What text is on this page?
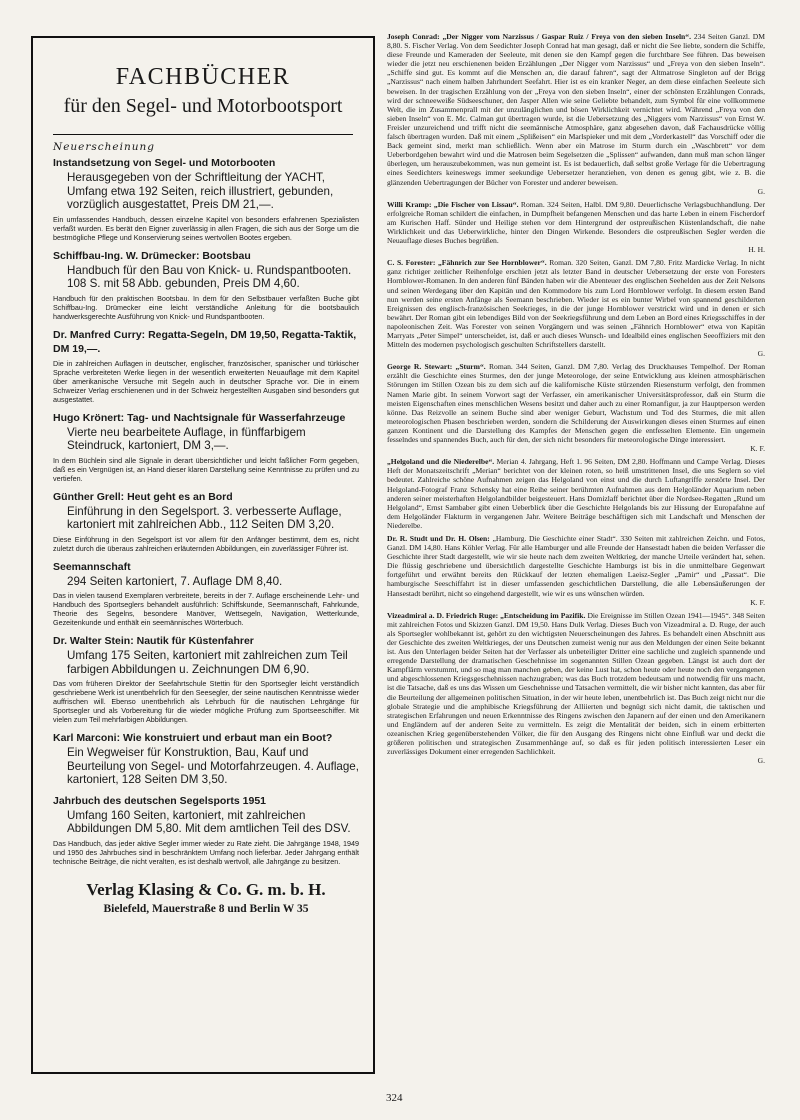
FACHBÜCHER
für den Segel- und Motorbootsport
Neuerscheinung
Instandsetzung von Segel- und Motorbooten
Herausgegeben von der Schriftleitung der YACHT, Umfang etwa 192 Seiten, reich illustriert, gebunden, vorzüglich ausgestattet, Preis DM 21,—.
Ein umfassendes Handbuch, dessen einzelne Kapitel von besonders erfahrenen Spezialisten verfaßt wurden. Es berät den Eigner zuverlässig in allen Fragen, die sich aus der Sorge um die bestmögliche Pflege und Konservierung seines wertvollen Bootes ergeben.
Schiffbau-Ing. W. Drümecker: Bootsbau
Handbuch für den Bau von Knick- u. Rundspantbooten. 108 S. mit 58 Abb. gebunden, Preis DM 4,60.
Handbuch für den praktischen Bootsbau. In dem für den Selbstbauer verfaßten Buche gibt Schiffbau-Ing. Drümecker eine leicht verständliche Anleitung für die bootsbaulich handwerksgerechte Ausführung von Knick- und Rundspantbooten.
Dr. Manfred Curry: Regatta-Segeln, DM 19,50, Regatta-Taktik, DM 19,—.
Die in zahlreichen Auflagen in deutscher, englischer, französischer, spanischer und türkischer Sprache verbreiteten Werke liegen in der wesentlich erweiterten Neuauflage mit dem Kapitel über amerikanische Versuche mit Segeln auch in deutscher Sprache vor. Die in einem Schweizer Verlag erschienenen und in der Schweiz hergestellten Ausgaben sind besonders gut ausgestattet.
Hugo Krönert: Tag- und Nachtsignale für Wasserfahrzeuge
Vierte neu bearbeitete Auflage, in fünffarbigem Steindruck, kartoniert, DM 3,—.
In dem Büchlein sind alle Signale in derart übersichtlicher und leicht faßlicher Form gegeben, daß es ein Vergnügen ist, an Hand dieser klaren Darstellung seine Kenntnisse zu prüfen und zu vertiefen.
Günther Grell: Heut geht es an Bord
Einführung in den Segelsport. 3. verbesserte Auflage, kartoniert mit zahlreichen Abb., 112 Seiten DM 3,20.
Diese Einführung in den Segelsport ist vor allem für den Anfänger bestimmt, dem es, nicht zuletzt durch die überaus zahlreichen erläuternden Abbildungen, ein zuverlässiger Führer ist.
Seemannschaft
294 Seiten kartoniert, 7. Auflage DM 8,40.
Das in vielen tausend Exemplaren verbreitete, bereits in der 7. Auflage erscheinende Lehr- und Handbuch des Sportseglers behandelt ausführlich: Schiffskunde, Seemannschaft, Fahrkunde, Theorie des Segelns, besondere Manöver, Wettsegeln, Navigation, Wetterkunde, Gezeitenkunde und enthält ein seemännisches Wörterbuch.
Dr. Walter Stein: Nautik für Küstenfahrer
Umfang 175 Seiten, kartoniert mit zahlreichen zum Teil farbigen Abbildungen u. Zeichnungen DM 6,90.
Das vom früheren Direktor der Seefahrtschule Stettin für den Sportsegler leicht verständlich geschriebene Werk ist unentbehrlich für den Seesegler, der seine nautischen Kenntnisse wieder auffrischen will. Ebenso unentbehrlich als Lehrbuch für die nautischen Lehrgänge für Sportsegler und als Vorbereitung für die wieder mögliche Prüfung zum Sportseeschiffer. Mit vielen zum Teil mehrfarbigen Abbildungen.
Karl Marconi: Wie konstruiert und erbaut man ein Boot?
Ein Wegweiser für Konstruktion, Bau, Kauf und Beurteilung von Segel- und Motorfahrzeugen. 4. Auflage, kartoniert, 128 Seiten DM 3,50.
Jahrbuch des deutschen Segelsports 1951
Umfang 160 Seiten, kartoniert, mit zahlreichen Abbildungen DM 5,80. Mit dem amtlichen Teil des DSV.
Das Handbuch, das jeder aktive Segler immer wieder zu Rate zieht. Die Jahrgänge 1948, 1949 und 1950 des Jahrbuches sind in beschränktem Umfang noch lieferbar. Jeder Jahrgang enthält technische Beiträge, die nicht veralten, es ist deshalb wertvoll, alle Jahrgänge zu besitzen.
Verlag Klasing & Co. G. m. b. H.
Bielefeld, Mauerstraße 8 und Berlin W 35
Joseph Conrad: „Der Nigger vom Narzissus / Gaspar Ruiz / Freya von den sieben Inseln“. 234 Seiten Ganzl. DM 8,80. S. Fischer Verlag. Von dem Seedichter Joseph Conrad hat man gesagt, daß er nicht die See liebte, sondern die Schiffe, diese Freunde und Kameraden der Seeleute, mit denen sie den Kampf gegen die furchtbare See führen. Das beweisen wieder die jetzt neu erschienenen beiden Erzählungen „Der Nigger vom Narzissus“ und „Freya von den sieben Inseln“. „Schiffe sind gut. Es kommt auf die Menschen an, die darauf fahren“, sagt der Altmatrose Singleton auf der Brigg „Narzissus“ nach einem halben Jahrhundert Seefahrt. Hier ist es ein kranker Neger, an dem diese einfachen Seeleute sich beweisen. In der tragischen Erzählung von der „Freya von den sieben Inseln“, einer der schönsten Erzählungen Conrads, wird der schneeweiße Südseeschuner, den Jasper Allen wie seine Geliebte behandelt, zum Symbol für eine vollkommene Welt, die im Zusammenprall mit der unzulänglichen und bösen Wirklichkeit vernichtet wird. Während „Freya von den sieben Inseln“ von E. Mc. Calman gut übertragen wurde, ist die Uebersetzung des „Niggers vom Narzissus“ von Ernst W. Freisler unzureichend und trifft nicht die seemännische Atmosphäre, ganz abgesehen davon, daß Fachausdrücke völlig falsch übertragen wurden. Daß mit einem „Splißeisen“ ein Marlspieker und mit dem „Vorderkastell“ das Vorschiff oder die Back gemeint sind, merkt man schließlich. Wenn aber ein Matrose im Sturm durch ein „Waschbrett“ vor dem Ueberbordgehen bewahrt wird und die Matrosen beim Segelsetzen die „Splissen“ aufwanden, dann muß man schon länger überlegen, um herauszubekommen, was nun gemeint ist. Es ist bedauerlich, daß selbst große Verlage für die Uebertragung eines Seedichters keineswegs immer seekundige Uebersetzer heranziehen, von denen es genug gibt, wie z. B. die glänzenden Uebertragungen der Bücher von Forester und anderer beweisen.
G.
Willi Kramp: „Die Fischer von Lissau“. Roman. 324 Seiten, Halbl. DM 9,80. Deuerlichsche Verlagsbuchhandlung. Der erfolgreiche Roman schildert die einfachen, in Dumpfheit befangenen Menschen und das harte Leben in einem Fischerdorf am Kurischen Haff. Sünder und Heilige stehen vor dem Hintergrund der ostpreußischen Küstenlandschaft, die nahe Wirklichkeit und das Ueberwirkliche, hinter den Dingen Wirkende. Besonders die ostpreußischen Segler werden die Neuauflage dieses Buches begrüßen.
H. H.
C. S. Forester: „Fähnrich zur See Hornblower“. Roman. 320 Seiten, Ganzl. DM 7,80. Fritz Mardicke Verlag. In nicht ganz richtiger zeitlicher Reihenfolge erschien jetzt als letzter Band in deutscher Uebersetzung der erste von Foresters Hornblower-Romanen. In den anderen fünf Bänden haben wir die Abenteuer des englischen Seehelden aus der Zeit Nelsons und seinen Werdegang über den Kapitän und den Kommodore bis zum Lord Hornblower verfolgt. In diesem ersten Band nun werden seine ersten Anfänge als Seemann beschrieben. Wieder ist es ein bunter Wirbel von spannend geschilderten Ereignissen des englisch-französischen Seekrieges, in die der junge Hornblower verstrickt wird und in denen er sich bewährt. Der Roman gibt ein lebendiges Bild von der Seekriegsführung und dem Leben an Bord eines Kriegsschiffes in der napoleonischen Zeit. Was Forester von seinen Vorgängern und was seinen „Fähnrich Hornblower“ etwa von Kapitän Marryats „Peter Simpel“ unterscheidet, ist, daß er auch dieses Wunsch- und Idealbild eines englischen Seeoffiziers mit den Mitteln des modernen psychologisch geschulten Schriftstellers darstellt.
G.
George R. Stewart: „Sturm“. Roman. 344 Seiten, Ganzl. DM 7,80. Verlag des Druckhauses Tempelhof. Der Roman erzählt die Geschichte eines Sturmes, den der junge Meteorologe, der seine Entwicklung aus kleinen atmosphärischen Störungen im Stillen Ozean bis zu dem sich auf die kalifornische Küste stürzenden Riesensturm verfolgt, den frommen Namen Marie gibt. In seinem Vorwort sagt der Verfasser, ein amerikanischer Universitätsprofessor, daß ein Sturm die meisten Eigenschaften eines menschlichen Wesens besitzt und daher auch zu einer Romanfigur, ja zur Hauptperson werden könne. Das Reizvolle an seinem Buche sind aber weniger Geburt, Wachstum und Tod des Sturmes, die mit allen meteorologischen Phasen beschrieben werden, sondern die Schilderung der Auswirkungen dieses einen Sturmes auf einen ganzen Kontinent und die Darstellung des Kampfes der Menschen gegen die entfesselten Elemente. Ein ungemein fesselndes und spannendes Buch, auch für den, der sich nicht besonders für meteorologische Dinge interessiert.
K. F.
„Helgoland und die Niederelbe“. Merian 4. Jahrgang, Heft 1. 96 Seiten, DM 2,80. Hoffmann und Campe Verlag. Dieses Heft der Monatszeitschrift „Merian“ berichtet von der kleinen roten, so heiß umstrittenen Insel, die uns Seglern so viel bedeutet. Zahlreiche schöne Aufnahmen zeigen das Helgoland von einst und die durch Luftangriffe zerstörte Insel. Der Helgoland-Fotograf Franz Schensky hat eine Reihe seiner berühmten Aufnahmen aus dem Helgoländer Aquarium neben anderen seiner meisterhaften Helgolandbilder beigesteuert. Hans Domizlaff berichtet über die Nordsee-Regatten „Rund um Helgoland“, Ernst Sambaber gibt einen Ueberblick über die Geschichte Helgolands bis zur Hissung der Europafahne auf dem Helgoländer Flakturm in vergangenen Jahr. Weitere Beiträge beschäftigen sich mit Landschaft und Menschen der Niederelbe.
Dr. R. Studt und Dr. H. Olsen: „Hamburg. Die Geschichte einer Stadt“. 330 Seiten mit zahlreichen Zeichn. und Fotos, Ganzl. DM 14,80. Hans Köhler Verlag. Für alle Hamburger und alle Freunde der Hansestadt haben die beiden Verfasser die Geschichte ihrer Stadt dargestellt, wie wir sie heute nach dem zweiten Weltkrieg, der manche Urteile verändert hat, sehen. Die flüssig geschriebene und übersichtlich dargestellte Geschichte Hamburgs ist bis in die unmittelbare Gegenwart fortgeführt und erwähnt bereits den Rückkauf der letzten ehemaligen Laeisz-Segler „Pamir“ und „Passat“. Die hamburgische Seeschiffahrt ist in dieser umfassenden geschichtlichen Darstellung, die alle Lebensäußerungen der Hansestadt berührt, nicht so eingehend dargestellt, wie wir es uns wünschen würden.
K. F.
Vizeadmiral a. D. Friedrich Ruge: „Entscheidung im Pazifik. Die Ereignisse im Stillen Ozean 1941—1945“. 348 Seiten mit zahlreichen Fotos und Skizzen Ganzl. DM 19,50. Hans Dulk Verlag. Dieses Buch von Vizeadmiral a. D. Ruge, der auch als Sportsegler wohlbekannt ist, gehört zu den wichtigsten Neuerscheinungen des Jahres. Es behandelt einen Abschnitt aus der Geschichte des zweiten Weltkrieges, der uns Deutschen zumeist wenig nur aus den Meldungen der einen Seite bekannt ist. Aus den Unterlagen beider Seiten hat der Verfasser als unbeteiligter Dritter eine sachliche und zugleich spannende und erregende Darstellung der dramatischen Geschehnisse im sogenannten Stillen Ozean gegeben. Längst ist auch dort der Kampflärm verstummt, und so mag man manchen geben, der keine Lust hat, schon heute oder heute noch den vergangenen und abgeschlossenen Kriegsgeschehnissen nachzugraben; was das Buch trotzdem bedeutsam und notwendig für uns macht, ist die Tatsache, daß es uns das Wissen um Geschehnisse und Tatsachen vermittelt, die wir bisher nicht kannten, das aber für die Beurteilung der allgemeinen politischen Situation, in der wir heute leben, unentbehrlich ist. Das Buch zeigt nicht nur die globale Strategie und die amphibische Kriegsführung der Alliierten und begnügt sich nicht damit, die taktischen und strategischen Erfahrungen und neuen Erkenntnisse des Ringens zwischen den Japanern auf der einen und den Amerikanern und Engländern auf der anderen Seite zu vermitteln. Es zeigt die Mentalität der beiden, sich in einem erbitterten ozeanischen Krieg gegenüberstehenden Völker, die für den Ausgang des Ringens nicht ohne Einfluß war und deckt die größeren politischen und strategischen Zusammenhänge auf, so daß es für jeden politisch interessierten Leser ein zuverlässiges Dokument einer erregenden Sachlichkeit.
G.
324
